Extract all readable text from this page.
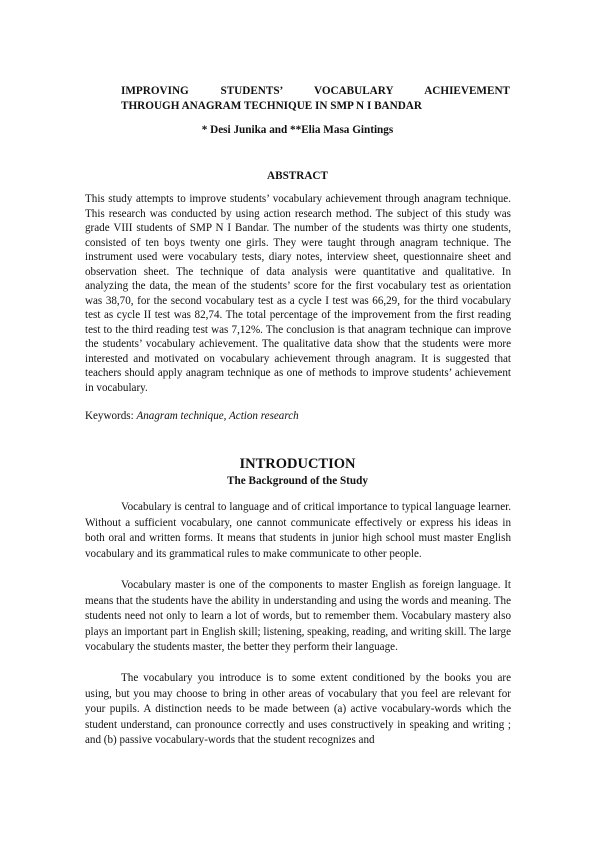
IMPROVING STUDENTS’ VOCABULARY ACHIEVEMENT
THROUGH ANAGRAM TECHNIQUE IN SMP N I BANDAR
* Desi Junika and **Elia Masa Gintings
ABSTRACT

This study attempts to improve students’ vocabulary achievement through anagram technique. This research was conducted by using action research method. The subject of this study was grade VIII students of SMP N I Bandar. The number of the students was thirty one students, consisted of ten boys twenty one girls. They were taught through anagram technique. The instrument used were vocabulary tests, diary notes, interview sheet, questionnaire sheet and observation sheet. The technique of data analysis were quantitative and qualitative. In analyzing the data, the mean of the students’ score for the first vocabulary test as orientation was 38,70, for the second vocabulary test as a cycle I test was 66,29, for the third vocabulary test as cycle II test was 82,74. The total percentage of the improvement from the first reading test to the third reading test was 7,12%. The conclusion is that anagram technique can improve the students’ vocabulary achievement. The qualitative data show that the students were more interested and motivated on vocabulary achievement through anagram. It is suggested that teachers should apply anagram technique as one of methods to improve students’ achievement in vocabulary.

Keywords: Anagram technique, Action research

INTRODUCTION
The Background of the Study

Vocabulary is central to language and of critical importance to typical language learner. Without a sufficient vocabulary, one cannot communicate effectively or express his ideas in both oral and written forms. It means that students in junior high school must master English vocabulary and its grammatical rules to make communicate to other people.

Vocabulary master is one of the components to master English as foreign language. It means that the students have the ability in understanding and using the words and meaning. The students need not only to learn a lot of words, but to remember them. Vocabulary mastery also plays an important part in English skill; listening, speaking, reading, and writing skill. The large vocabulary the students master, the better they perform their language.

The vocabulary you introduce is to some extent conditioned by the books you are using, but you may choose to bring in other areas of vocabulary that you feel are relevant for your pupils. A distinction needs to be made between (a) active vocabulary-words which the student understand, can pronounce correctly and uses constructively in speaking and writing ; and (b) passive vocabulary-words that the student recognizes and
